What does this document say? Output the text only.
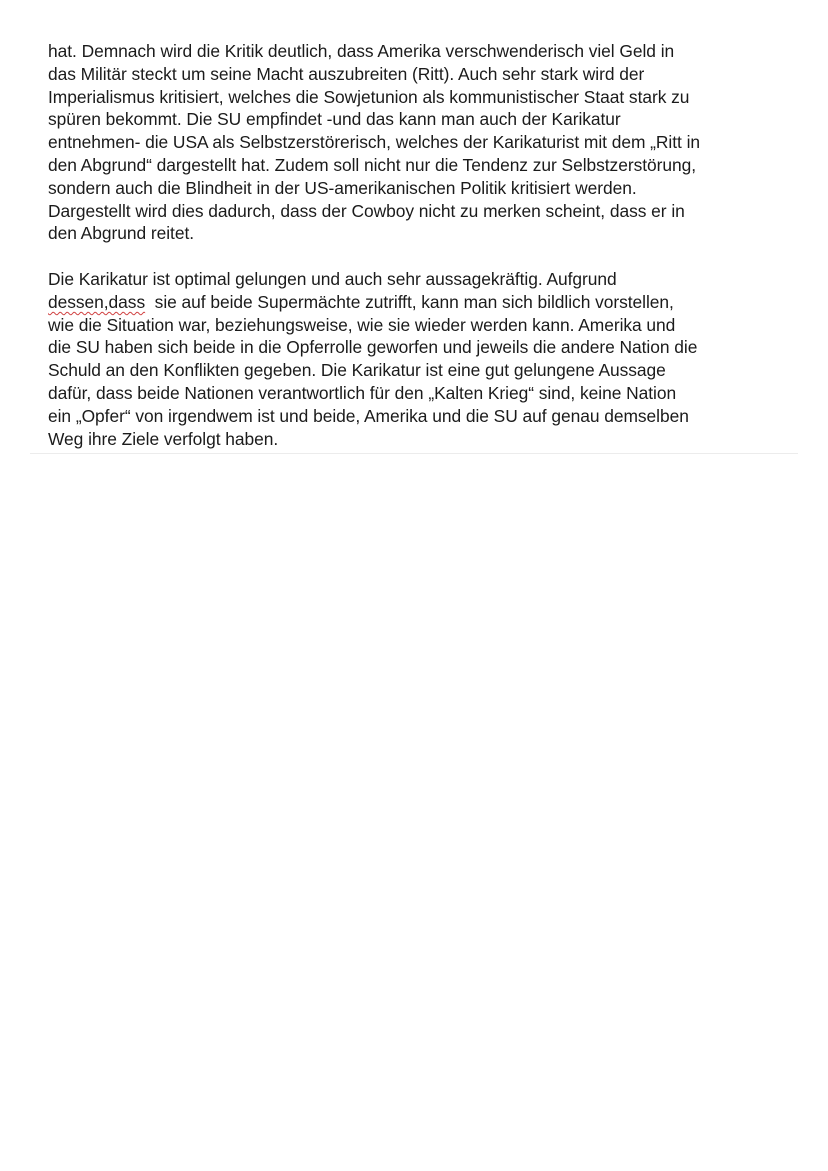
hat. Demnach wird die Kritik deutlich, dass Amerika verschwenderisch viel Geld in
das Militär steckt um seine Macht auszubreiten (Ritt). Auch sehr stark wird der
Imperialismus kritisiert, welches die Sowjetunion als kommunistischer Staat stark zu
spüren bekommt. Die SU empfindet -und das kann man auch der Karikatur
entnehmen- die USA als Selbstzerstörerisch, welches der Karikaturist mit dem „Ritt in
den Abgrund“ dargestellt hat. Zudem soll nicht nur die Tendenz zur Selbstzerstörung,
sondern auch die Blindheit in der US-amerikanischen Politik kritisiert werden.
Dargestellt wird dies dadurch, dass der Cowboy nicht zu merken scheint, dass er in
den Abgrund reitet.
Die Karikatur ist optimal gelungen und auch sehr aussagekräftig. Aufgrund
dessen,dass  sie auf beide Supermächte zutrifft, kann man sich bildlich vorstellen,
wie die Situation war, beziehungsweise, wie sie wieder werden kann. Amerika und
die SU haben sich beide in die Opferrolle geworfen und jeweils die andere Nation die
Schuld an den Konflikten gegeben. Die Karikatur ist eine gut gelungene Aussage
dafür, dass beide Nationen verantwortlich für den „Kalten Krieg“ sind, keine Nation
ein „Opfer“ von irgendwem ist und beide, Amerika und die SU auf genau demselben
Weg ihre Ziele verfolgt haben.
